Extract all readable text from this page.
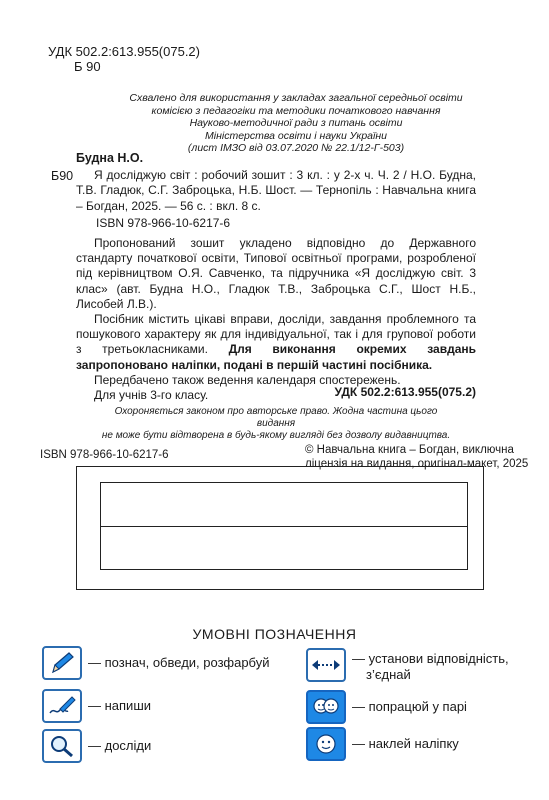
УДК 502.2:613.955(075.2)
Б 90
Схвалено для використання у закладах загальної середньої освіти
комісією з педагогіки та методики початкового навчання
Науково-методичної ради з питань освіти
Міністерства освіти і науки України
(лист ІМЗО від 03.07.2020 № 22.1/12-Г-503)
Будна Н.О.
Б90	Я досліджую світ : робочий зошит : 3 кл. : у 2-х ч. Ч. 2 / Н.О. Будна, Т.В. Гладюк, С.Г. Заброцька, Н.Б. Шост. — Тернопіль : Навчальна книга – Богдан, 2025. — 56 с. : вкл. 8 с.
ISBN 978-966-10-6217-6

Пропонований зошит укладено відповідно до Державного стандарту початкової освіти, Типової освітньої програми, розробленої під керівництвом О.Я. Савченко, та підручника «Я досліджую світ. 3 клас» (авт. Будна Н.О., Гладюк Т.В., Заброцька С.Г., Шост Н.Б., Лисобей Л.В.).

Посібник містить цікаві вправи, досліди, завдання проблемного та пошукового характеру як для індивідуальної, так і для групової роботи з третьокласниками. Для виконання окремих завдань запропоновано наліпки, подані в першій частині посібника.

Передбачено також ведення календаря спостережень.

Для учнів 3-го класу.	УДК 502.2:613.955(075.2)
Охороняється законом про авторське право. Жодна частина цього видання
не може бути відтворена в будь-якому вигляді без дозволу видавництва.
ISBN 978-966-10-6217-6	© Навчальна книга – Богдан, виключна
ліцензія на видання, оригінал-макет, 2025
УМОВНІ ПОЗНАЧЕННЯ
— познач, обведи, розфарбуй
— напиши
— досліди
— установи відповідність,
з’єднай
— попрацюй у парі
— наклей наліпку
